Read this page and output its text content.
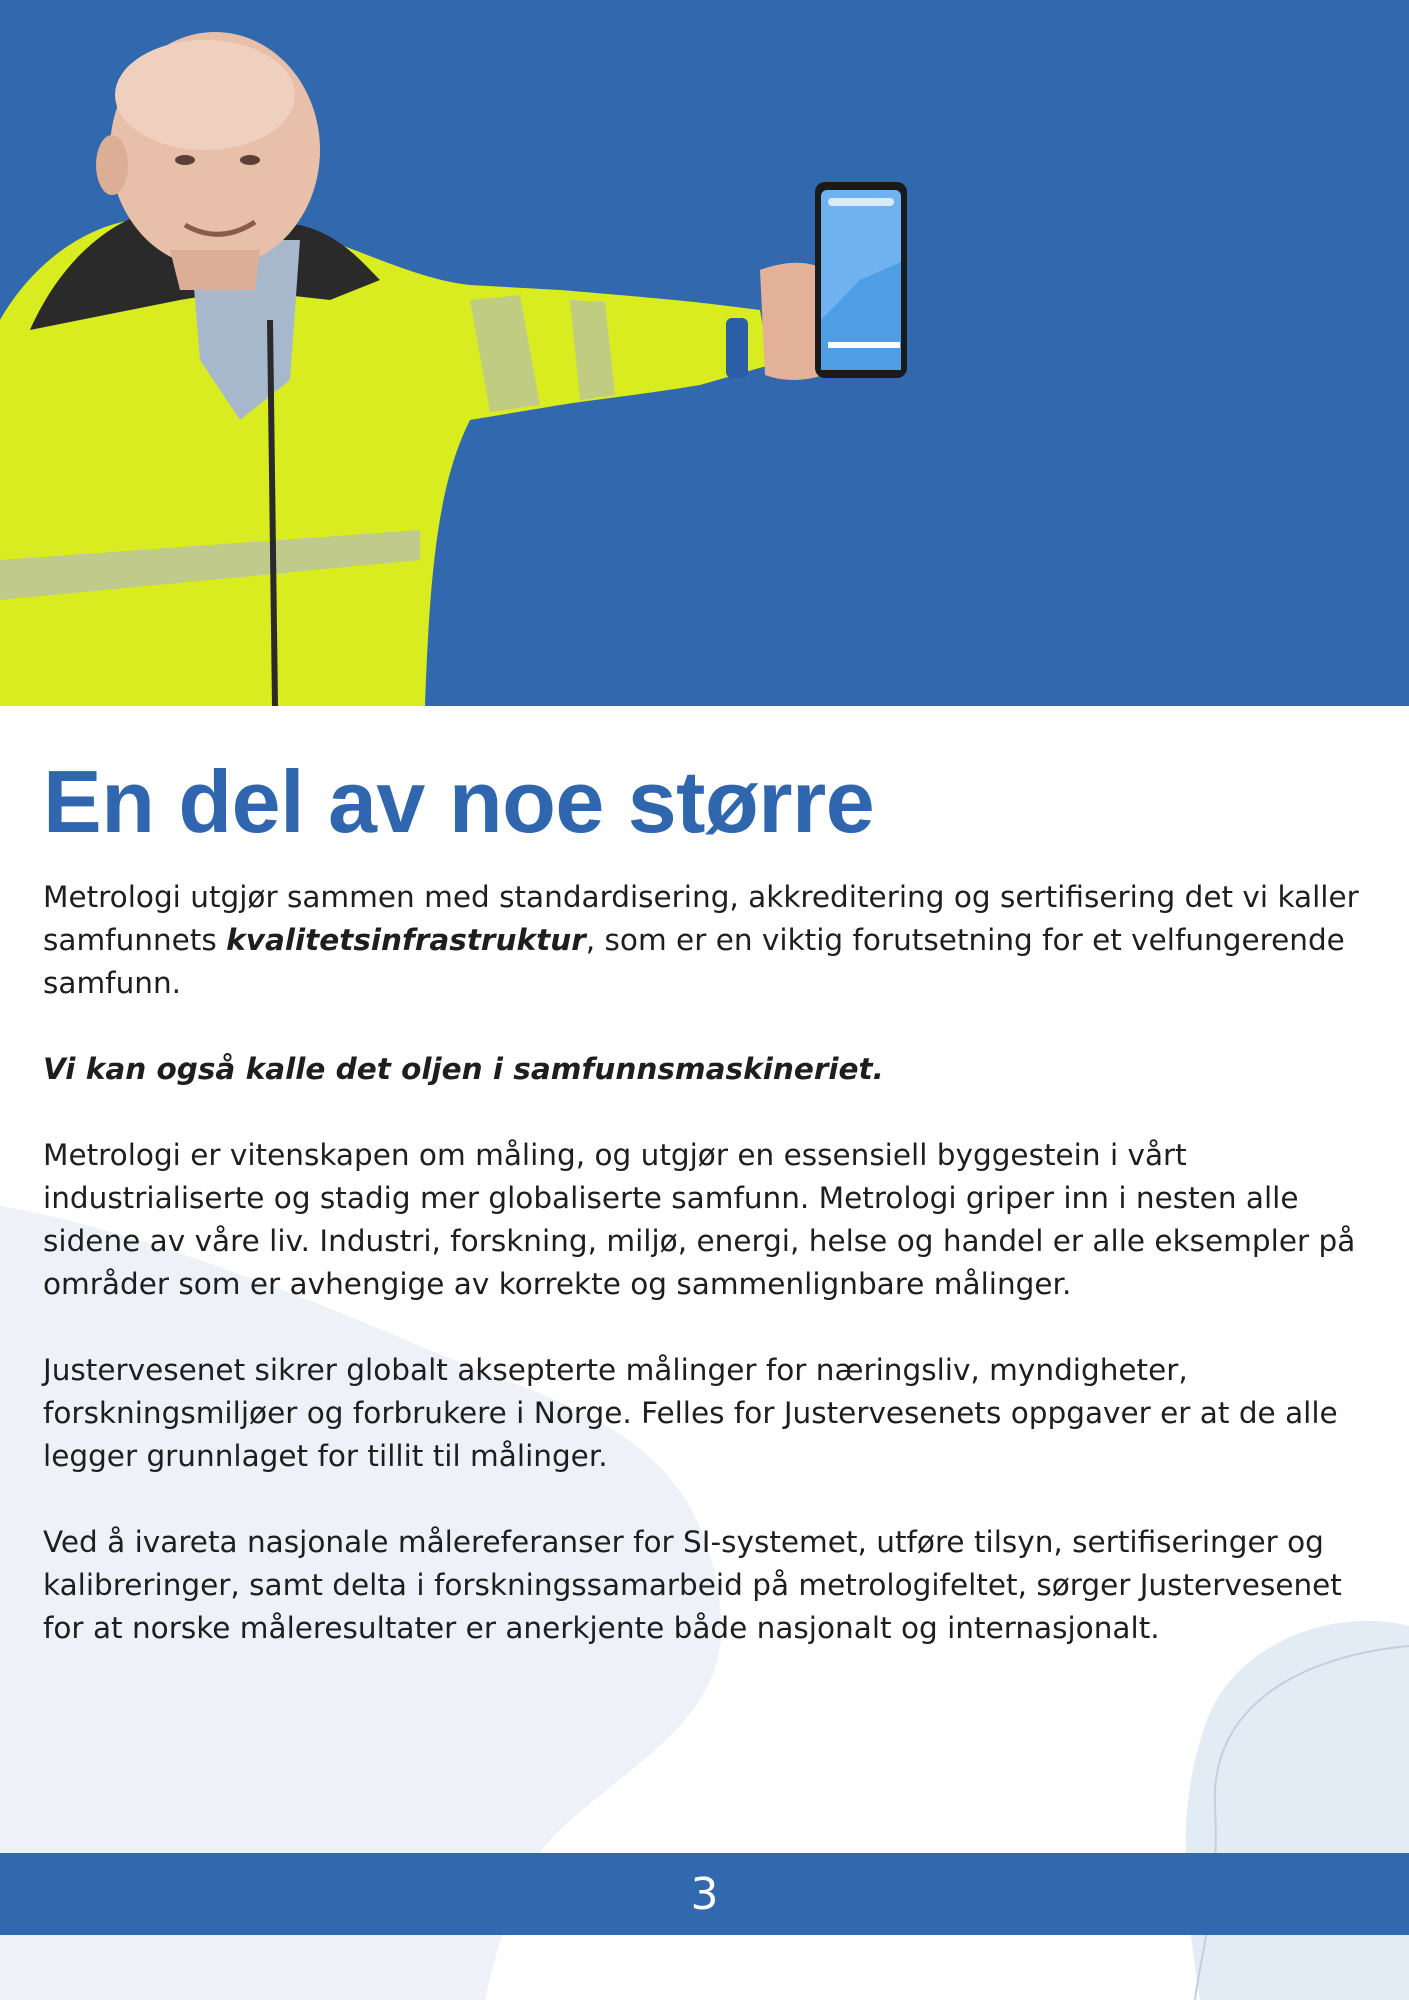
En del av noe større

Metrologi utgjør sammen med standardisering, akkreditering og sertifisering det vi kaller samfunnets kvalitetsinfrastruktur, som er en viktig forutsetning for et velfungerende samfunn.

Vi kan også kalle det oljen i samfunnsmaskineriet.

Metrologi er vitenskapen om måling, og utgjør en essensiell byggestein i vårt industrialiserte og stadig mer globaliserte samfunn. Metrologi griper inn i nesten alle sidene av våre liv. Industri, forskning, miljø, energi, helse og handel er alle eksempler på områder som er avhengige av korrekte og sammenlignbare målinger.

Justervesenet sikrer globalt aksepterte målinger for næringsliv, myndigheter, forskningsmiljøer og forbrukere i Norge. Felles for Justervesenets oppgaver er at de alle legger grunnlaget for tillit til målinger.

Ved å ivareta nasjonale målereferanser for SI-systemet, utføre tilsyn, sertifiseringer og kalibreringer, samt delta i forskningssamarbeid på metrologifeltet, sørger Justervesenet for at norske måleresultater er anerkjente både nasjonalt og internasjonalt.

3
